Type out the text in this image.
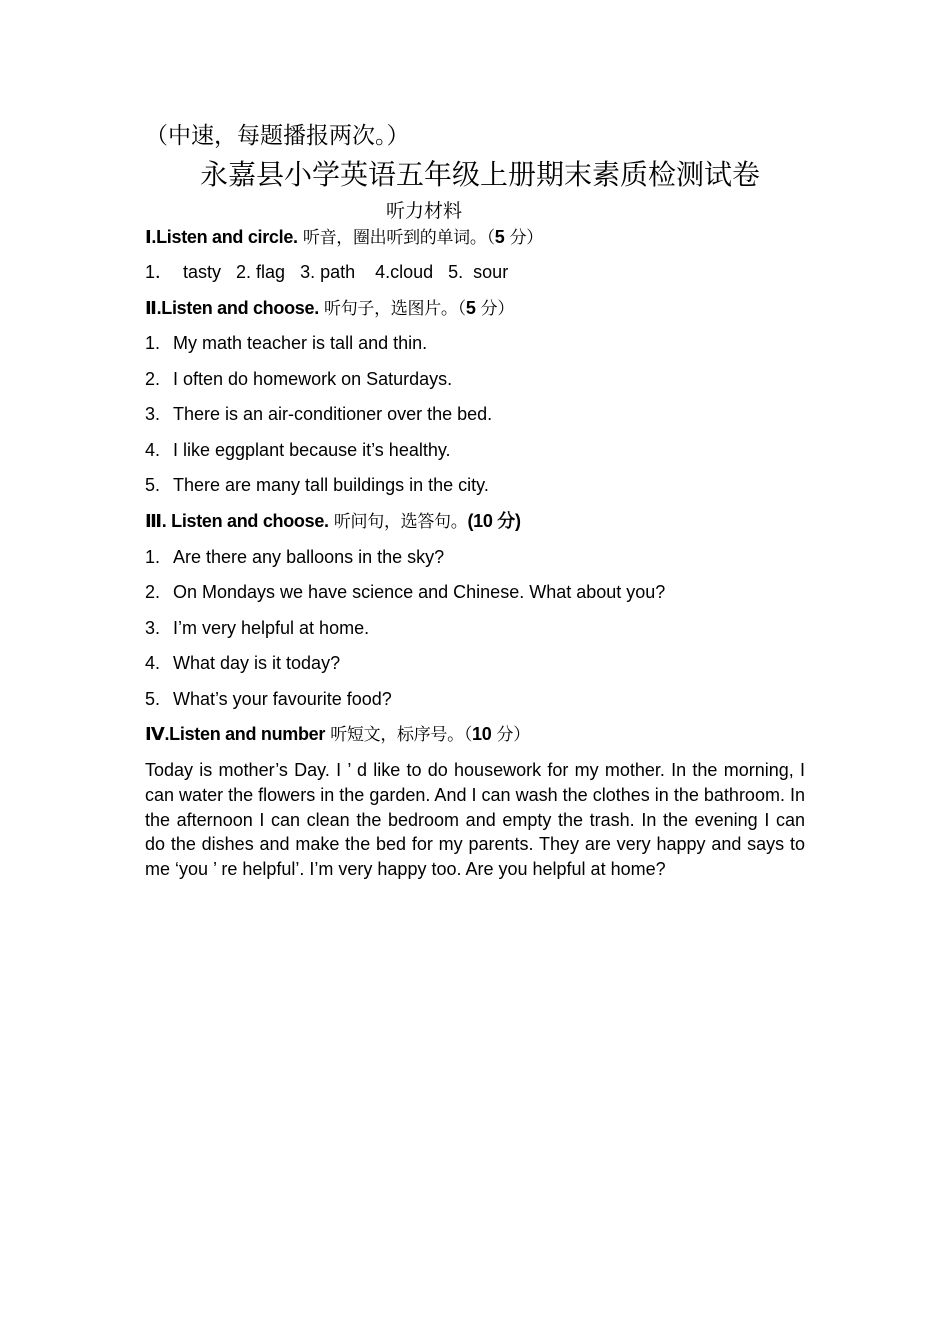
（中速，每题播报两次。）
永嘉县小学英语五年级上册期末素质检测试卷
听力材料
Ⅰ.Listen and circle. 听音，圈出听到的单词。（5 分）
1．  tasty   2. flag   3. path    4.cloud   5.  sour
Ⅱ.Listen and choose. 听句子，选图片。（5 分）
1. My math teacher is tall and thin.
2. I often do homework on Saturdays.
3. There is an air-conditioner over the bed.
4. I like eggplant because it’s healthy.
5. There are many tall buildings in the city.
Ⅲ. Listen and choose. 听问句，选答句。(10 分)
1. Are there any balloons in the sky?
2. On Mondays we have science and Chinese. What about you?
3. I’m very helpful at home.
4. What day is it today?
5. What’s your favourite food?
Ⅳ.Listen and number 听短文，标序号。（10 分）
Today is mother’s Day. I ’ d like to do housework for my mother. In the morning, I can water the flowers in the garden. And I can wash the clothes in the bathroom. In the afternoon I can clean the bedroom and empty the trash. In the evening I can do the dishes and make the bed for my parents. They are very happy and says to me ‘you ’ re helpful’. I’m very happy too. Are you helpful at home?
